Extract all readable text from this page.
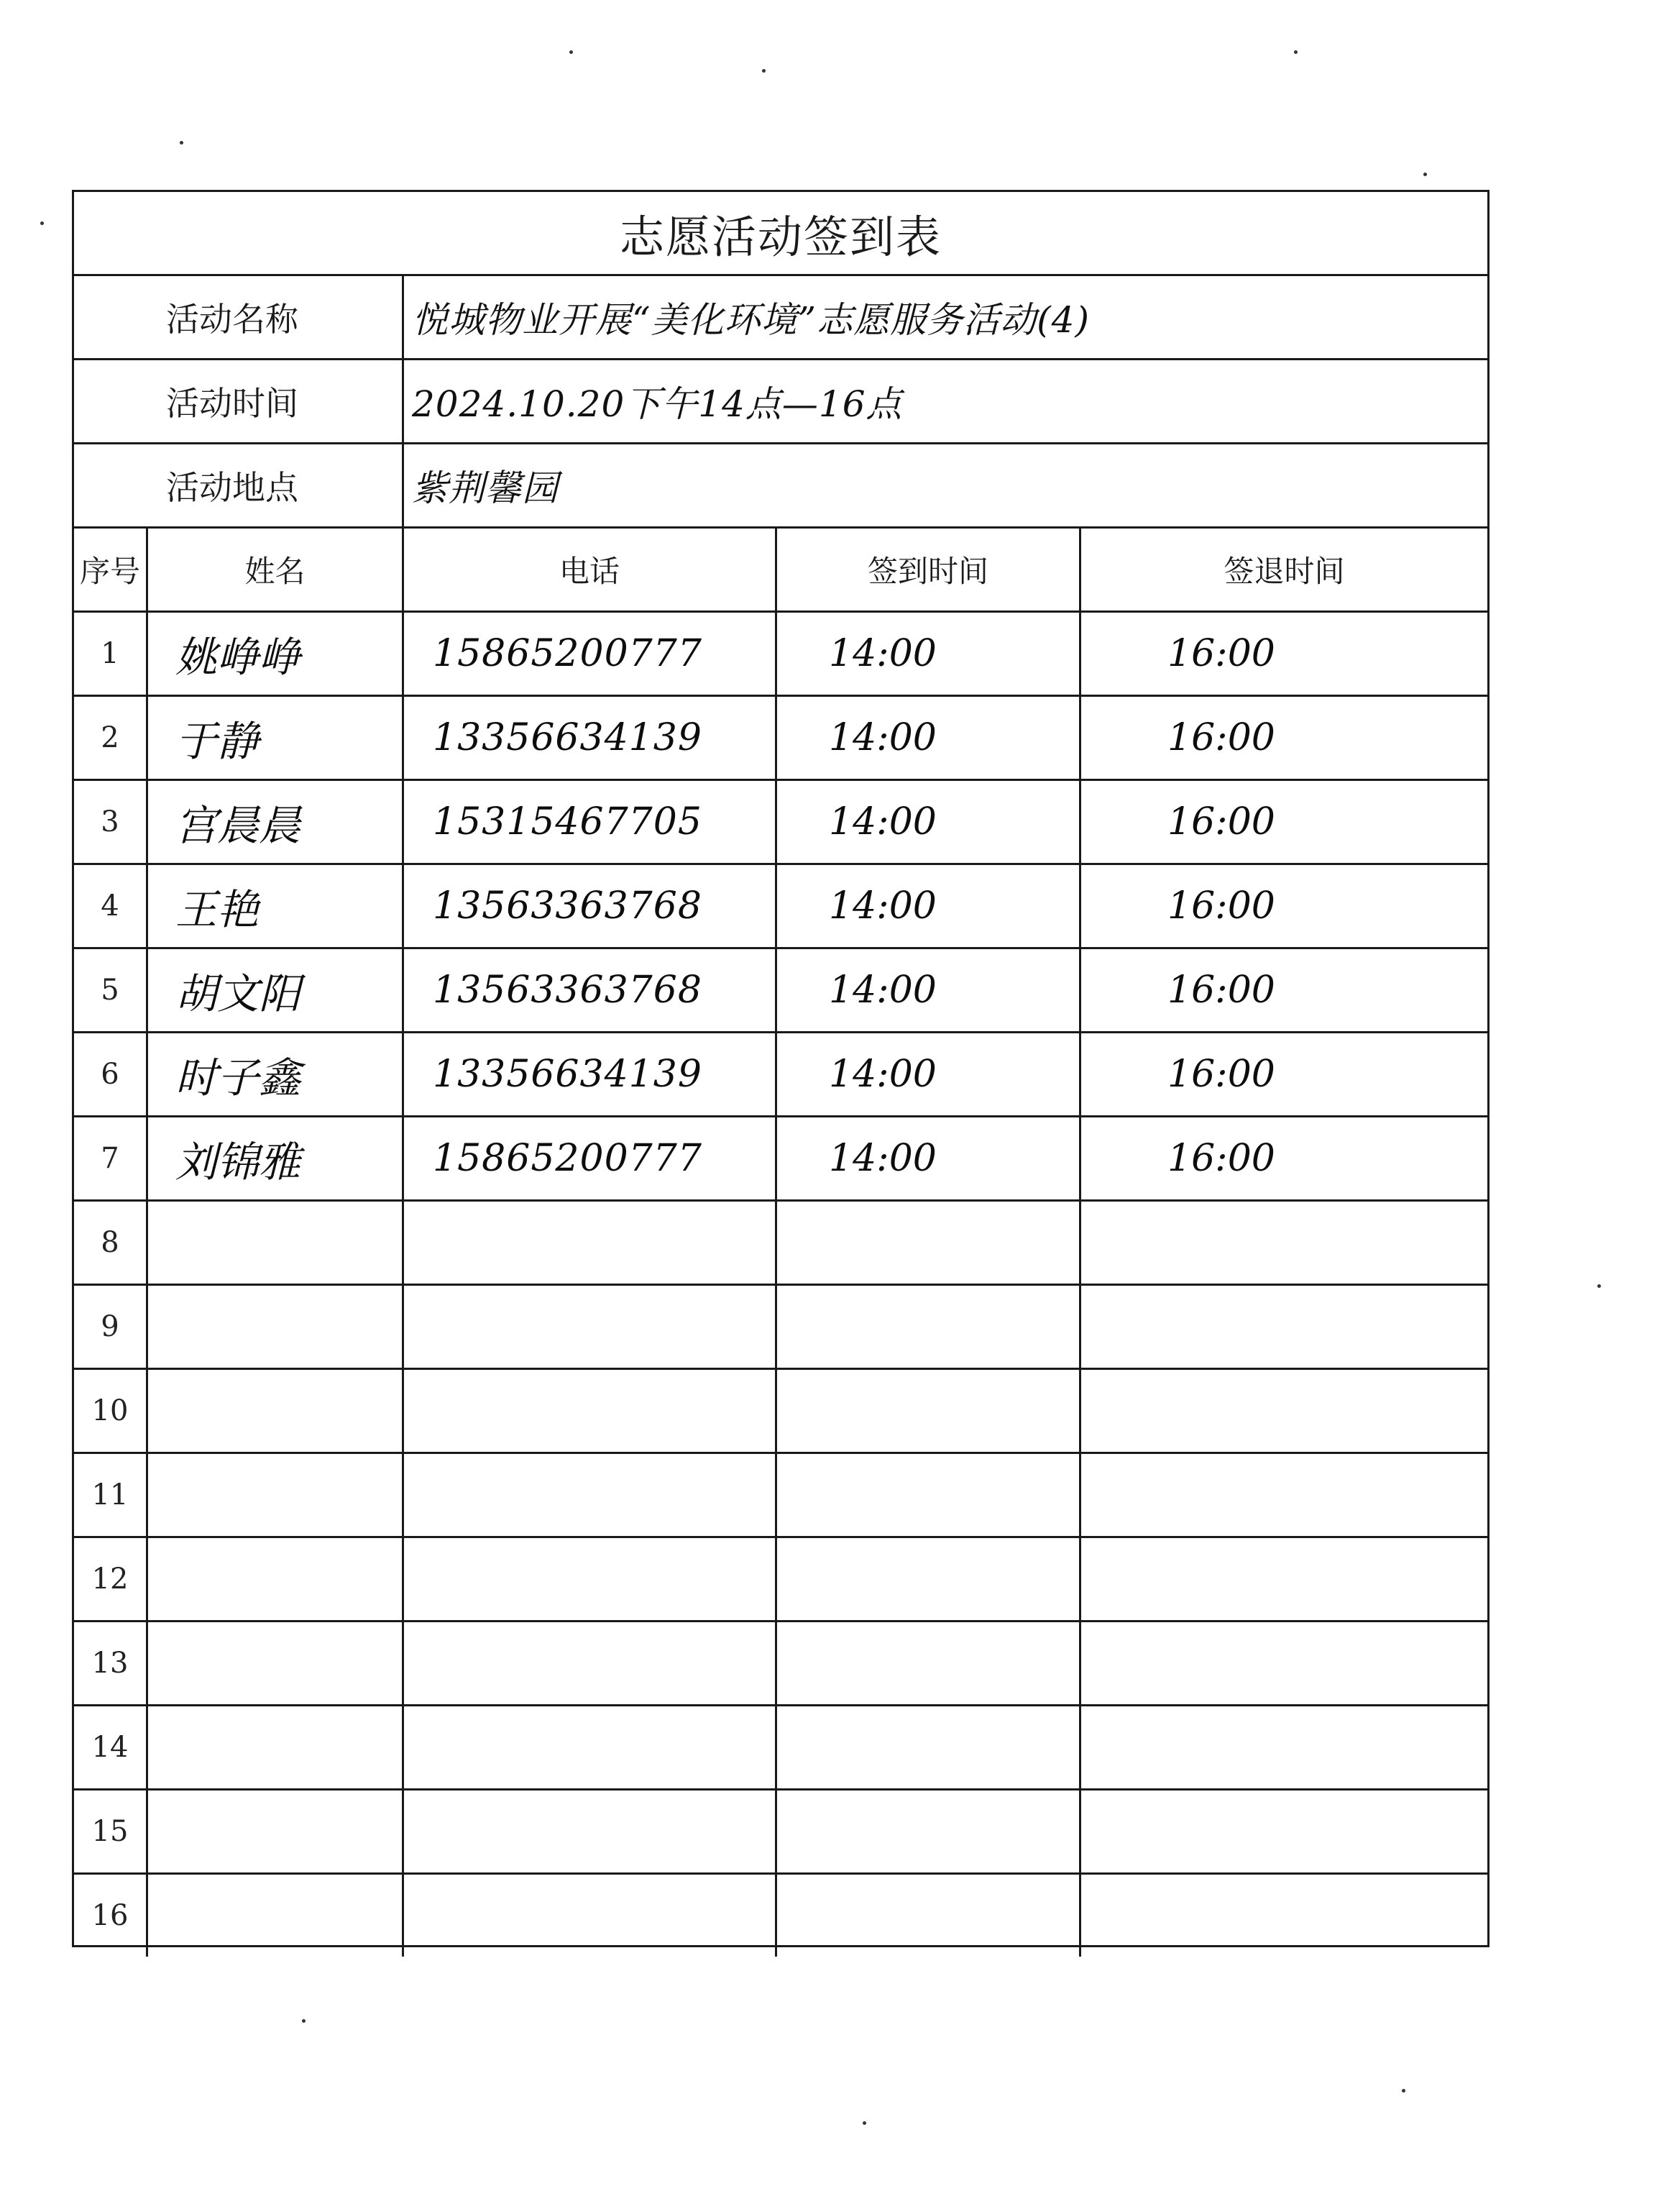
志愿活动签到表
活动名称	悦城物业开展“美化环境”志愿服务活动(4)
活动时间	2024.10.20下午14点—16点
活动地点	紫荆馨园
序号	姓名	电话	签到时间	签退时间
1	姚峥峥	15865200777	14:00	16:00
2	于静	13356634139	14:00	16:00
3	宫晨晨	15315467705	14:00	16:00
4	王艳	13563363768	14:00	16:00
5	胡文阳	13563363768	14:00	16:00
6	时子鑫	13356634139	14:00	16:00
7	刘锦雅	15865200777	14:00	16:00
8
9
10
11
12
13
14
15
16
